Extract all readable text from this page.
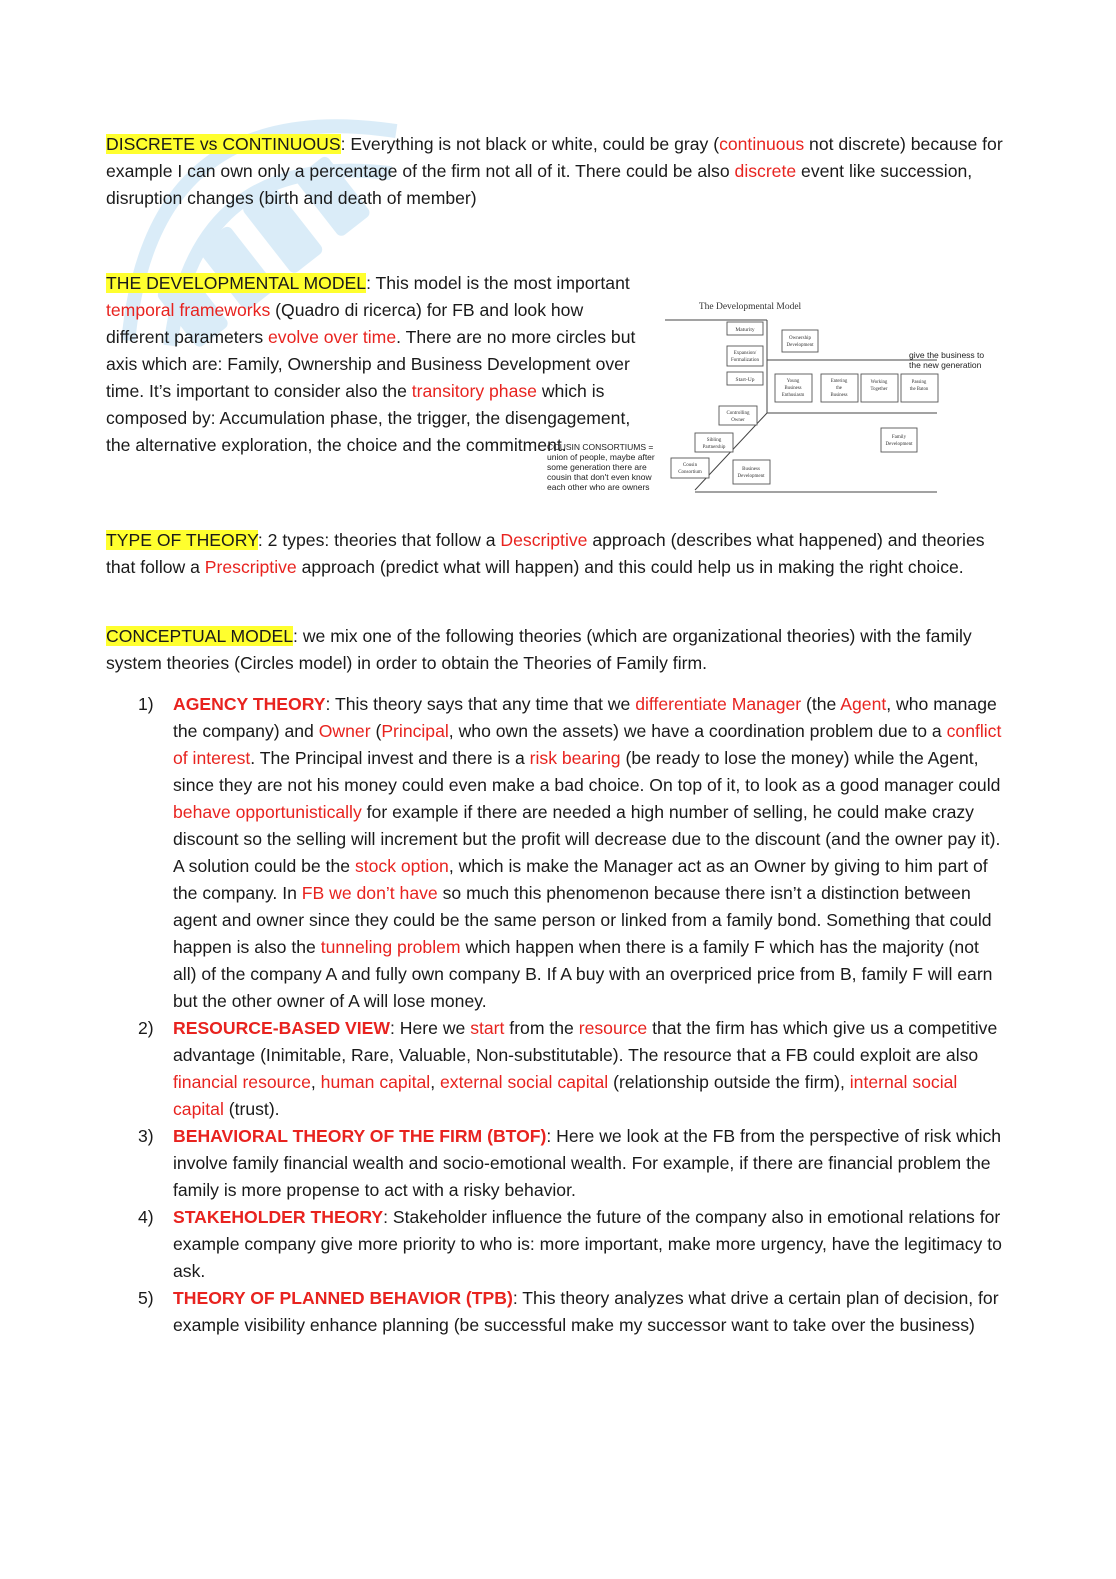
DISCRETE vs CONTINUOUS: Everything is not black or white, could be gray (continuous not discrete) because for example I can own only a percentage of the firm not all of it. There could be also discrete event like succession, disruption changes (birth and death of member)

THE DEVELOPMENTAL MODEL: This model is the most important temporal frameworks (Quadro di ricerca) for FB and look how different parameters evolve over time. There are no more circles but axis which are: Family, Ownership and Business Development over time. It’s important to consider also the transitory phase which is composed by: Accumulation phase, the trigger, the disengagement, the alternative exploration, the choice and the commitment.

The Developmental Model
Maturity
Expansion/
Formalization
Start-Up
Ownership
Development
Controlling
Owner
Sibling
Partnership
Cousin
Consortium
Business
Development
Young
Business
Enthusiasm
Entering
the
Business
Working
Together
Passing
the Baton
Family
Development
give the business to
the new generation
COUSIN CONSORTIUMS =
union of people, maybe after
some generation there are
cousin that don't even know
each other who are owners

TYPE OF THEORY: 2 types: theories that follow a Descriptive approach (describes what happened) and theories that follow a Prescriptive approach (predict what will happen) and this could help us in making the right choice.

CONCEPTUAL MODEL: we mix one of the following theories (which are organizational theories) with the family system theories (Circles model) in order to obtain the Theories of Family firm.

1) AGENCY THEORY: This theory says that any time that we differentiate Manager (the Agent, who manage the company) and Owner (Principal, who own the assets) we have a coordination problem due to a conflict of interest. The Principal invest and there is a risk bearing (be ready to lose the money) while the Agent, since they are not his money could even make a bad choice. On top of it, to look as a good manager could behave opportunistically for example if there are needed a high number of selling, he could make crazy discount so the selling will increment but the profit will decrease due to the discount (and the owner pay it). A solution could be the stock option, which is make the Manager act as an Owner by giving to him part of the company. In FB we don’t have so much this phenomenon because there isn’t a distinction between agent and owner since they could be the same person or linked from a family bond. Something that could happen is also the tunneling problem which happen when there is a family F which has the majority (not all) of the company A and fully own company B. If A buy with an overpriced price from B, family F will earn but the other owner of A will lose money.
2) RESOURCE-BASED VIEW: Here we start from the resource that the firm has which give us a competitive advantage (Inimitable, Rare, Valuable, Non-substitutable). The resource that a FB could exploit are also financial resource, human capital, external social capital (relationship outside the firm), internal social capital (trust).
3) BEHAVIORAL THEORY OF THE FIRM (BTOF): Here we look at the FB from the perspective of risk which involve family financial wealth and socio-emotional wealth. For example, if there are financial problem the family is more propense to act with a risky behavior.
4) STAKEHOLDER THEORY: Stakeholder influence the future of the company also in emotional relations for example company give more priority to who is: more important, make more urgency, have the legitimacy to ask.
5) THEORY OF PLANNED BEHAVIOR (TPB): This theory analyzes what drive a certain plan of decision, for example visibility enhance planning (be successful make my successor want to take over the business)
